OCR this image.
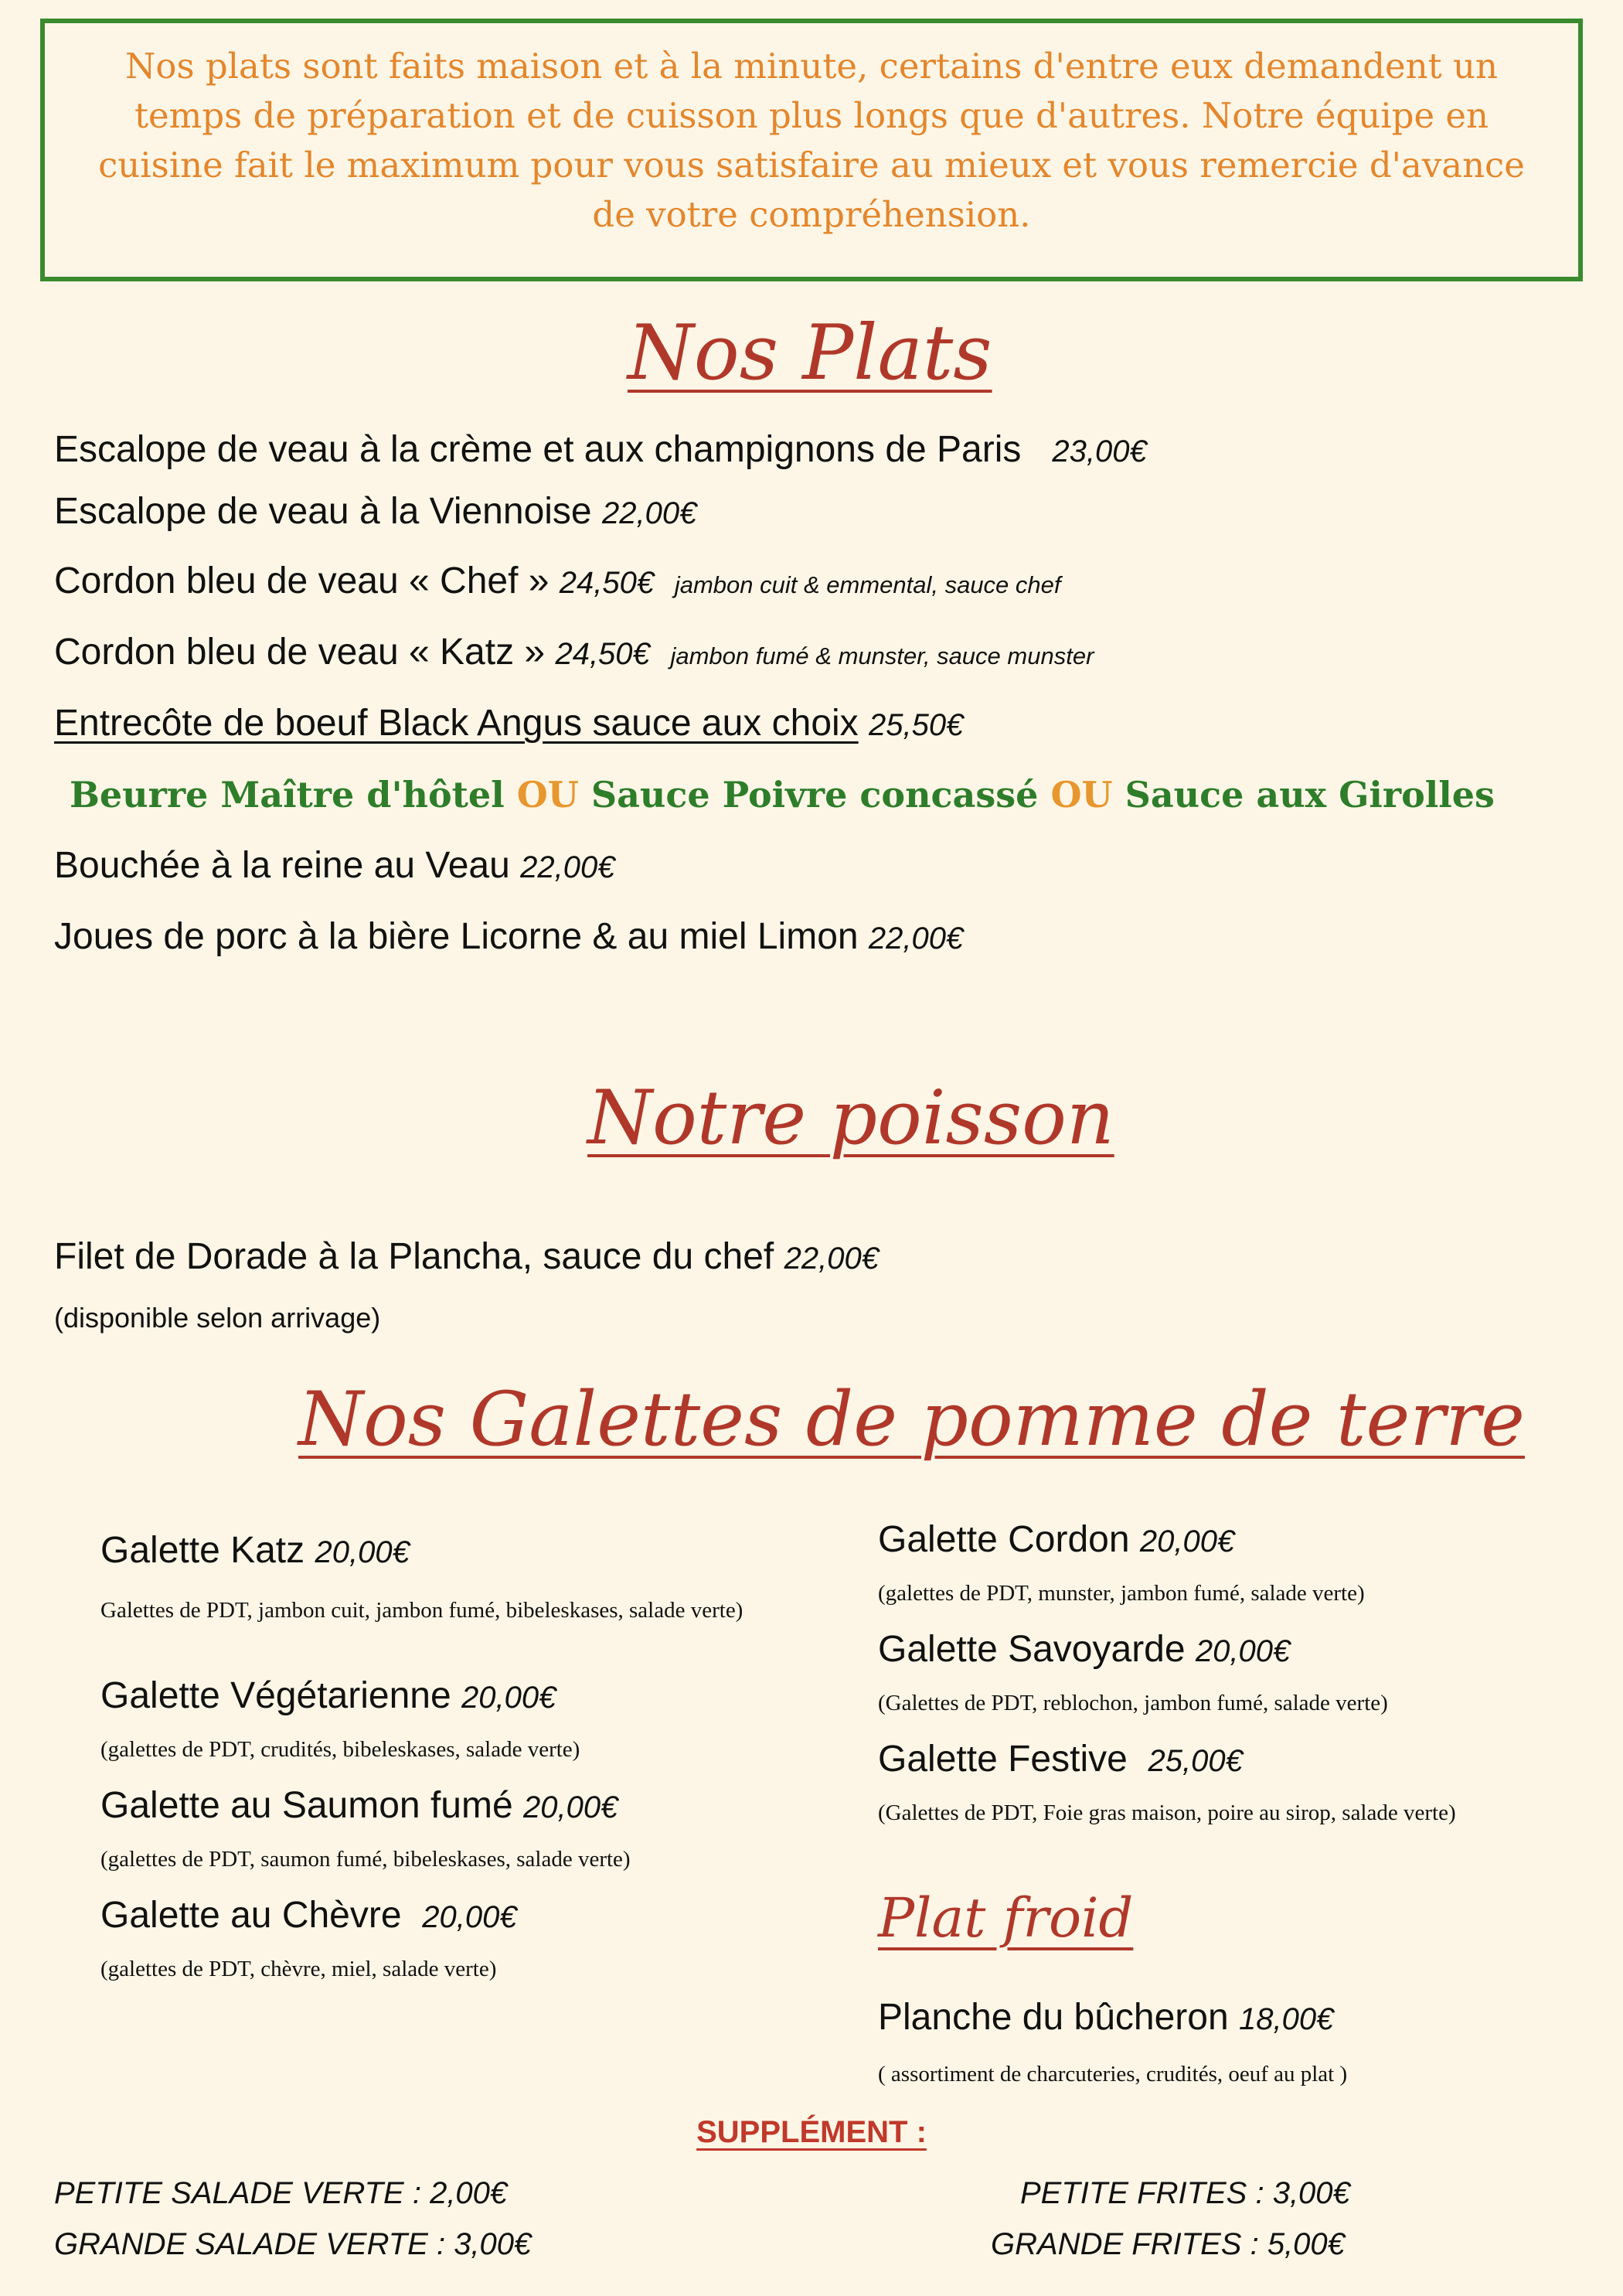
Nos plats sont faits maison et à la minute, certains d'entre eux demandent un temps de préparation et de cuisson plus longs que d'autres. Notre équipe en cuisine fait le maximum pour vous satisfaire au mieux et vous remercie d'avance de votre compréhension.
Nos Plats
Escalope de veau à la crème et aux champignons de Paris 23,00€
Escalope de veau à la Viennoise 22,00€
Cordon bleu de veau « Chef » 24,50€ jambon cuit & emmental, sauce chef
Cordon bleu de veau « Katz » 24,50€ jambon fumé & munster, sauce munster
Entrecôte de boeuf Black Angus sauce aux choix 25,50€
Beurre Maître d'hôtel OU Sauce Poivre concassé OU Sauce aux Girolles
Bouchée à la reine au Veau 22,00€
Joues de porc à la bière Licorne & au miel Limon 22,00€
Notre poisson
Filet de Dorade à la Plancha, sauce du chef 22,00€
(disponible selon arrivage)
Nos Galettes de pomme de terre
Galette Katz 20,00€
Galettes de PDT, jambon cuit, jambon fumé, bibeleskases, salade verte)
Galette Végétarienne 20,00€
(galettes de PDT, crudités, bibeleskases, salade verte)
Galette au Saumon fumé 20,00€
(galettes de PDT, saumon fumé, bibeleskases, salade verte)
Galette au Chèvre 20,00€
(galettes de PDT, chèvre, miel, salade verte)
Galette Cordon 20,00€
(galettes de PDT, munster, jambon fumé, salade verte)
Galette Savoyarde 20,00€
(Galettes de PDT, reblochon, jambon fumé, salade verte)
Galette Festive 25,00€
(Galettes de PDT, Foie gras maison, poire au sirop, salade verte)
Plat froid
Planche du bûcheron 18,00€
( assortiment de charcuteries, crudités, oeuf au plat )
SUPPLÉMENT :
PETITE SALADE VERTE : 2,00€
GRANDE SALADE VERTE : 3,00€
PETITE FRITES : 3,00€
GRANDE FRITES : 5,00€
